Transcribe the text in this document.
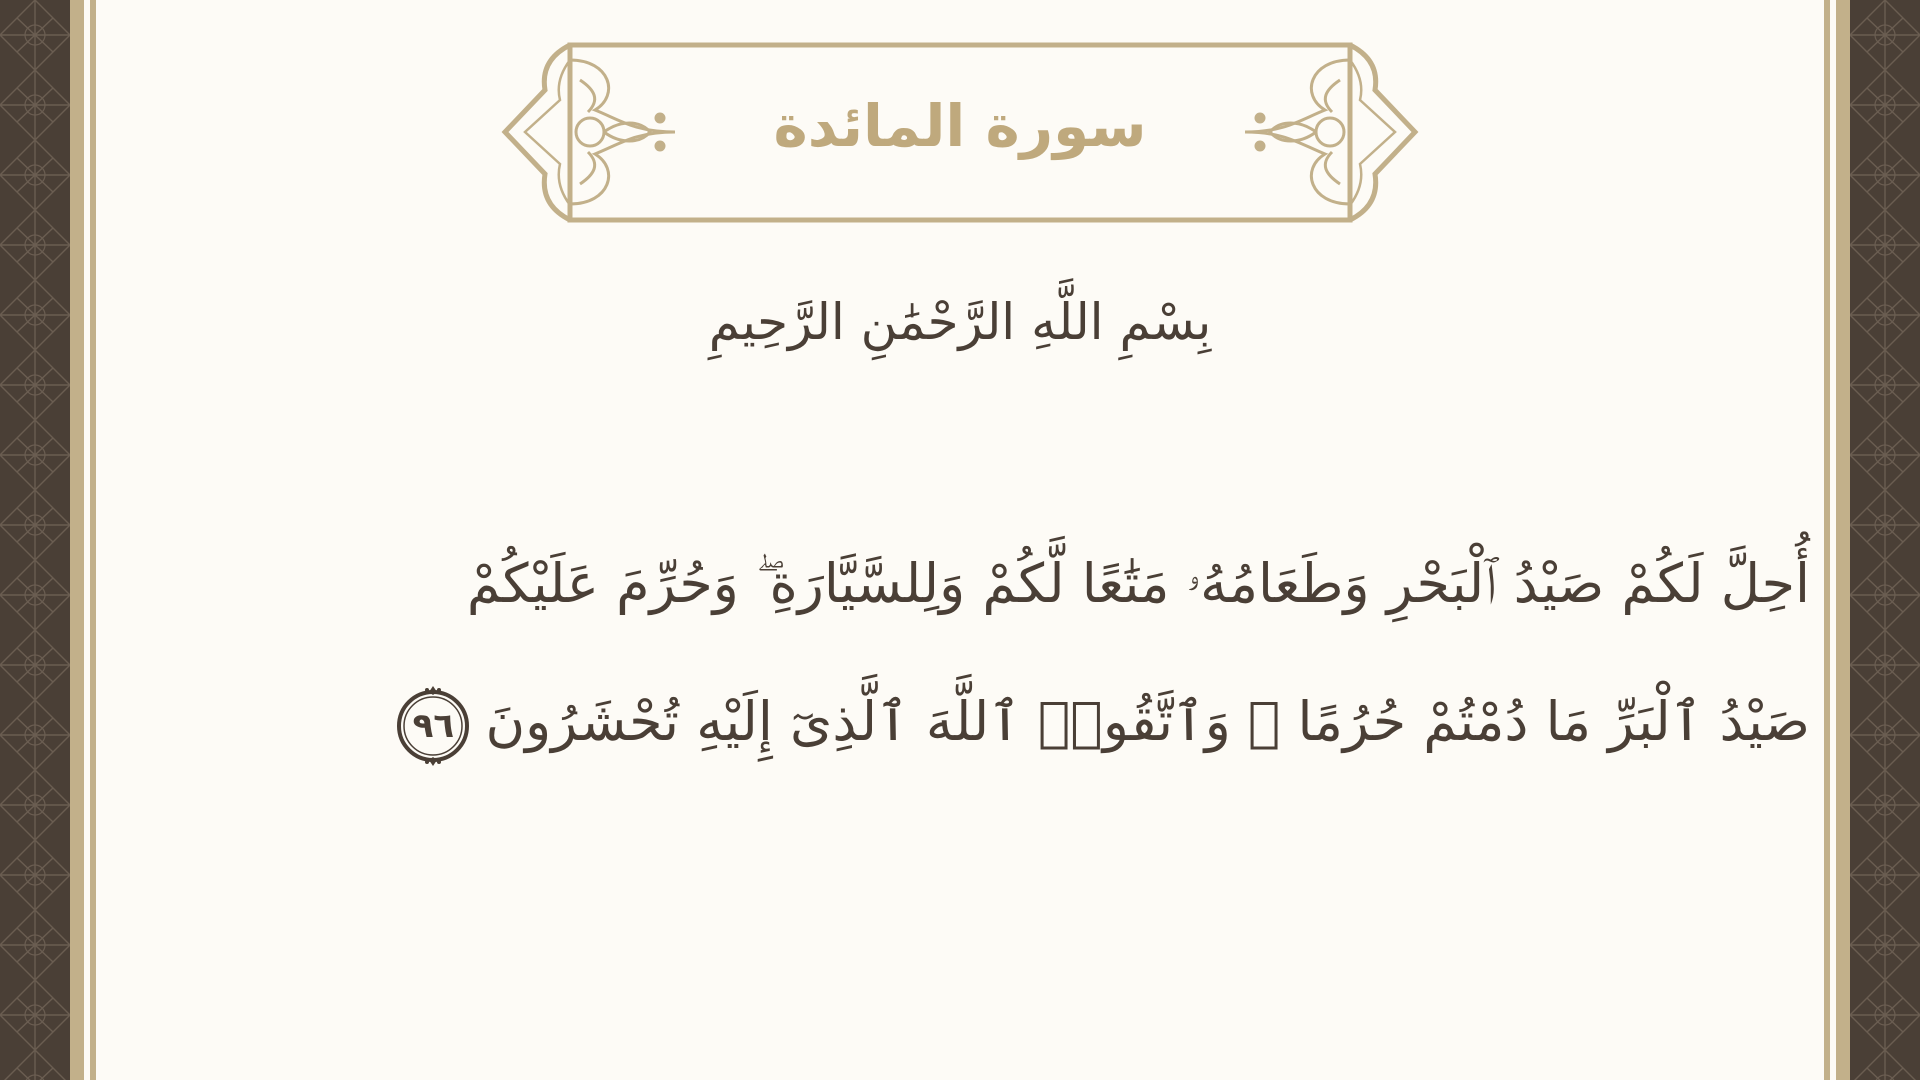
سورة المائدة
بِسْمِ اللَّهِ الرَّحْمَٰنِ الرَّحِيمِ
أُحِلَّ لَكُمْ صَيْدُ ٱلْبَحْرِ وَطَعَامُهُۥ مَتَٰعًا لَّكُمْ وَلِلسَّيَّارَةِ ۖ وَحُرِّمَ عَلَيْكُمْ
صَيْدُ ٱلْبَرِّ مَا دُمْتُمْ حُرُمًا ۗ وَٱتَّقُوا۟ ٱللَّهَ ٱلَّذِىٓ إِلَيْهِ تُحْشَرُونَ
٩٦
